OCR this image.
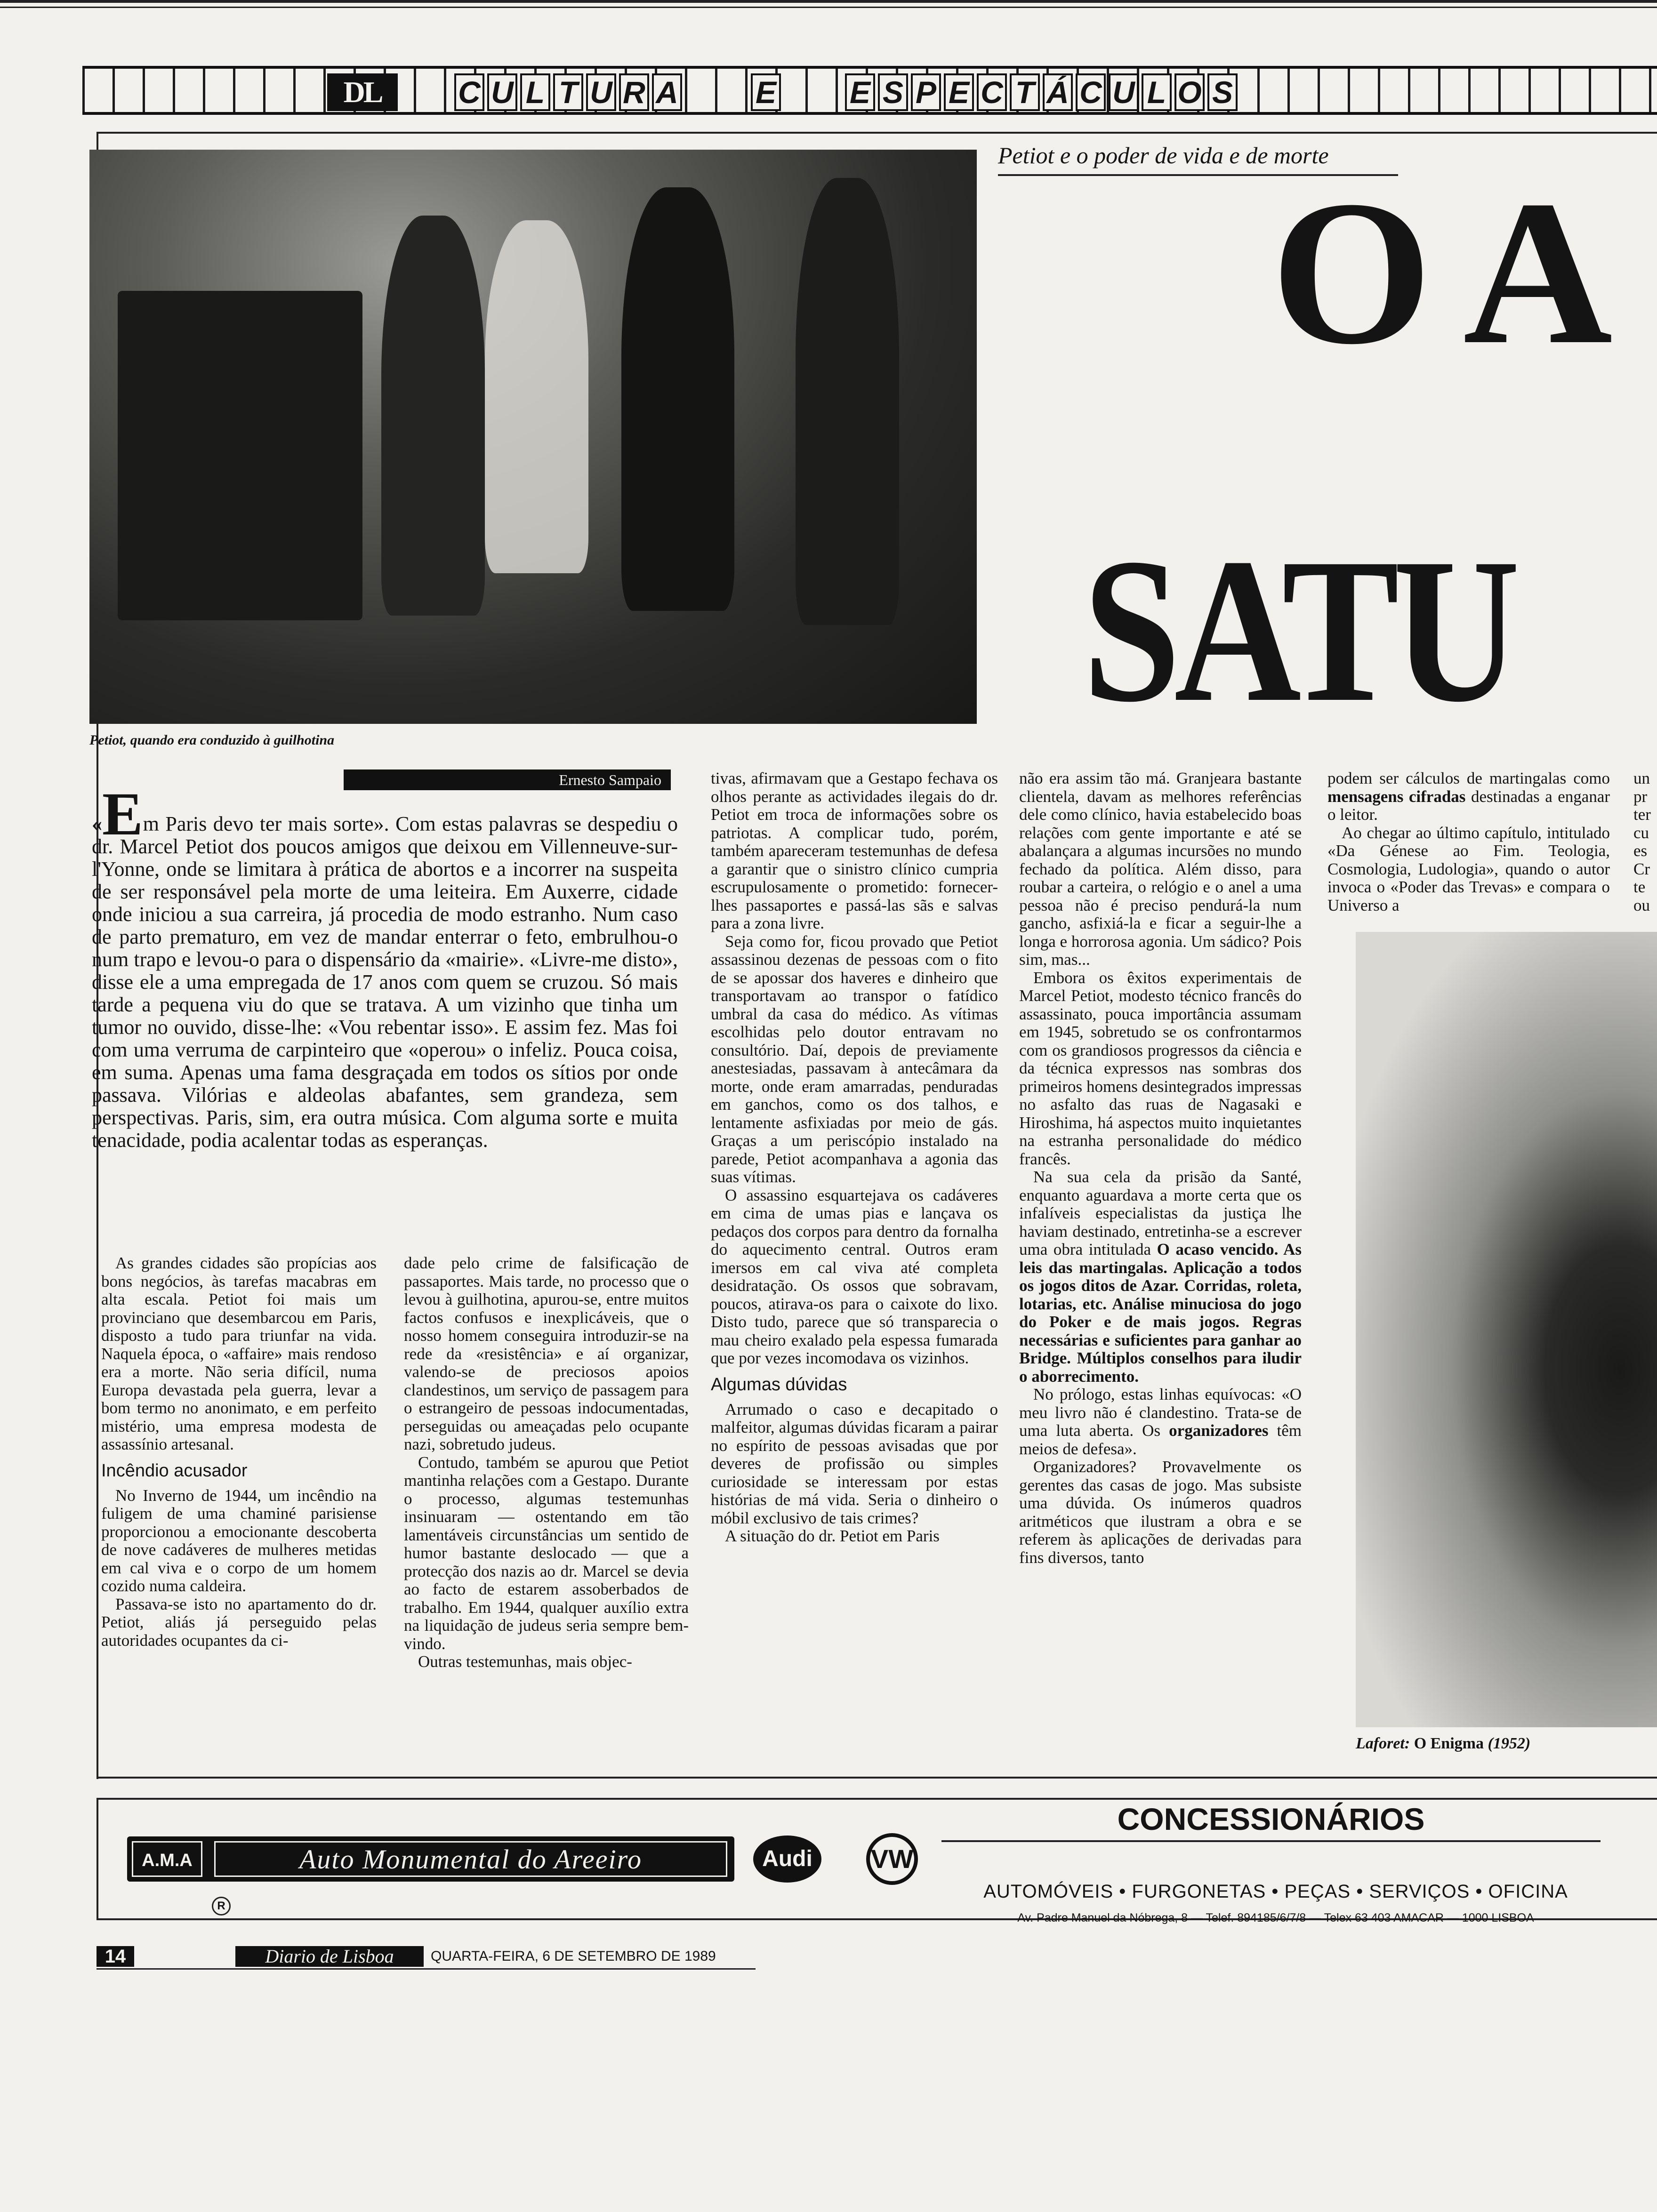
DL	C U L T U R A E E S P E C T Á C U L O S
Petiot, quando era conduzido à guilhotina
Petiot e o poder de vida e de morte
O A
SATU
Ernesto Sampaio
«Em Paris devo ter mais sorte». Com estas palavras se despediu o dr. Marcel Petiot dos poucos amigos que deixou em Villenneuve-sur-l'Yonne, onde se limitara à prática de abortos e a incorrer na suspeita de ser responsável pela morte de uma leiteira. Em Auxerre, cidade onde iniciou a sua carreira, já procedia de modo estranho. Num caso de parto prematuro, em vez de mandar enterrar o feto, embrulhou-o num trapo e levou-o para o dispensário da «mairie». «Livre-me disto», disse ele a uma empregada de 17 anos com quem se cruzou. Só mais tarde a pequena viu do que se tratava. A um vizinho que tinha um tumor no ouvido, disse-lhe: «Vou rebentar isso». E assim fez. Mas foi com uma verruma de carpinteiro que «operou» o infeliz. Pouca coisa, em suma. Apenas uma fama desgraçada em todos os sítios por onde passava. Vilórias e aldeolas abafantes, sem grandeza, sem perspectivas. Paris, sim, era outra música. Com alguma sorte e muita tenacidade, podia acalentar todas as esperanças.

As grandes cidades são propícias aos bons negócios, às tarefas macabras em alta escala. Petiot foi mais um provinciano que desembarcou em Paris, disposto a tudo para triunfar na vida. Naquela época, o «affaire» mais rendoso era a morte. Não seria difícil, numa Europa devastada pela guerra, levar a bom termo no anonimato, e em perfeito mistério, uma empresa modesta de assassínio artesanal.

Incêndio acusador

No Inverno de 1944, um incêndio na fuligem de uma chaminé parisiense proporcionou a emocionante descoberta de nove cadáveres de mulheres metidas em cal viva e o corpo de um homem cozido numa caldeira.

Passava-se isto no apartamento do dr. Petiot, aliás já perseguido pelas autoridades ocupantes da ci-

dade pelo crime de falsificação de passaportes. Mais tarde, no processo que o levou à guilhotina, apurou-se, entre muitos factos confusos e inexplicáveis, que o nosso homem conseguira introduzir-se na rede da «resistência» e aí organizar, valendo-se de preciosos apoios clandestinos, um serviço de passagem para o estrangeiro de pessoas indocumentadas, perseguidas ou ameaçadas pelo ocupante nazi, sobretudo judeus.

Contudo, também se apurou que Petiot mantinha relações com a Gestapo. Durante o processo, algumas testemunhas insinuaram — ostentando em tão lamentáveis circunstâncias um sentido de humor bastante deslocado — que a protecção dos nazis ao dr. Marcel se devia ao facto de estarem assoberbados de trabalho. Em 1944, qualquer auxílio extra na liquidação de judeus seria sempre bem-vindo.

Outras testemunhas, mais objec-

tivas, afirmavam que a Gestapo fechava os olhos perante as actividades ilegais do dr. Petiot em troca de informações sobre os patriotas. A complicar tudo, porém, também apareceram testemunhas de defesa a garantir que o sinistro clínico cumpria escrupulosamente o prometido: fornecer-lhes passaportes e passá-las sãs e salvas para a zona livre.

Seja como for, ficou provado que Petiot assassinou dezenas de pessoas com o fito de se apossar dos haveres e dinheiro que transportavam ao transpor o fatídico umbral da casa do médico. As vítimas escolhidas pelo doutor entravam no consultório. Daí, depois de previamente anestesiadas, passavam à antecâmara da morte, onde eram amarradas, penduradas em ganchos, como os dos talhos, e lentamente asfixiadas por meio de gás. Graças a um periscópio instalado na parede, Petiot acompanhava a agonia das suas vítimas.

O assassino esquartejava os cadáveres em cima de umas pias e lançava os pedaços dos corpos para dentro da fornalha do aquecimento central. Outros eram imersos em cal viva até completa desidratação. Os ossos que sobravam, poucos, atirava-os para o caixote do lixo. Disto tudo, parece que só transparecia o mau cheiro exalado pela espessa fumarada que por vezes incomodava os vizinhos.

Algumas dúvidas

Arrumado o caso e decapitado o malfeitor, algumas dúvidas ficaram a pairar no espírito de pessoas avisadas que por deveres de profissão ou simples curiosidade se interessam por estas histórias de má vida. Seria o dinheiro o móbil exclusivo de tais crimes?

A situação do dr. Petiot em Paris

não era assim tão má. Granjeara bastante clientela, davam as melhores referências dele como clínico, havia estabelecido boas relações com gente importante e até se abalançara a algumas incursões no mundo fechado da política. Além disso, para roubar a carteira, o relógio e o anel a uma pessoa não é preciso pendurá-la num gancho, asfixiá-la e ficar a seguir-lhe a longa e horrorosa agonia. Um sádico? Pois sim, mas...

Embora os êxitos experimentais de Marcel Petiot, modesto técnico francês do assassinato, pouca importância assumam em 1945, sobretudo se os confrontarmos com os grandiosos progressos da ciência e da técnica expressos nas sombras dos primeiros homens desintegrados impressas no asfalto das ruas de Nagasaki e Hiroshima, há aspectos muito inquietantes na estranha personalidade do médico francês.

Na sua cela da prisão da Santé, enquanto aguardava a morte certa que os infalíveis especialistas da justiça lhe haviam destinado, entretinha-se a escrever uma obra intitulada O acaso vencido. As leis das martingalas. Aplicação a todos os jogos ditos de Azar. Corridas, roleta, lotarias, etc. Análise minuciosa do jogo do Poker e de mais jogos. Regras necessárias e suficientes para ganhar ao Bridge. Múltiplos conselhos para iludir o aborrecimento.

No prólogo, estas linhas equívocas: «O meu livro não é clandestino. Trata-se de uma luta aberta. Os organizadores têm meios de defesa».

Organizadores? Provavelmente os gerentes das casas de jogo. Mas subsiste uma dúvida. Os inúmeros quadros aritméticos que ilustram a obra e se referem às aplicações de derivadas para fins diversos, tanto

podem ser cálculos de martingalas como mensagens cifradas destinadas a enganar o leitor.

Ao chegar ao último capítulo, intitulado «Da Génese ao Fim. Teologia, Cosmologia, Ludologia», quando o autor invoca o «Poder das Trevas» e compara o Universo a

un
pr
ter
cu
es
Cr
te
ou
Laforet: O Enigma (1952)
A.M.A	Auto Monumental do Areeiro
R
Audi	VW
CONCESSIONÁRIOS
AUTOMÓVEIS • FURGONETAS • PEÇAS • SERVIÇOS • OFICINA
Av. Padre Manuel da Nóbrega, 8 — Telef. 894185/6/7/8 — Telex 63 403 AMACAR — 1000 LISBOA
14	Diario de Lisboa	QUARTA-FEIRA, 6 DE SETEMBRO DE 1989
